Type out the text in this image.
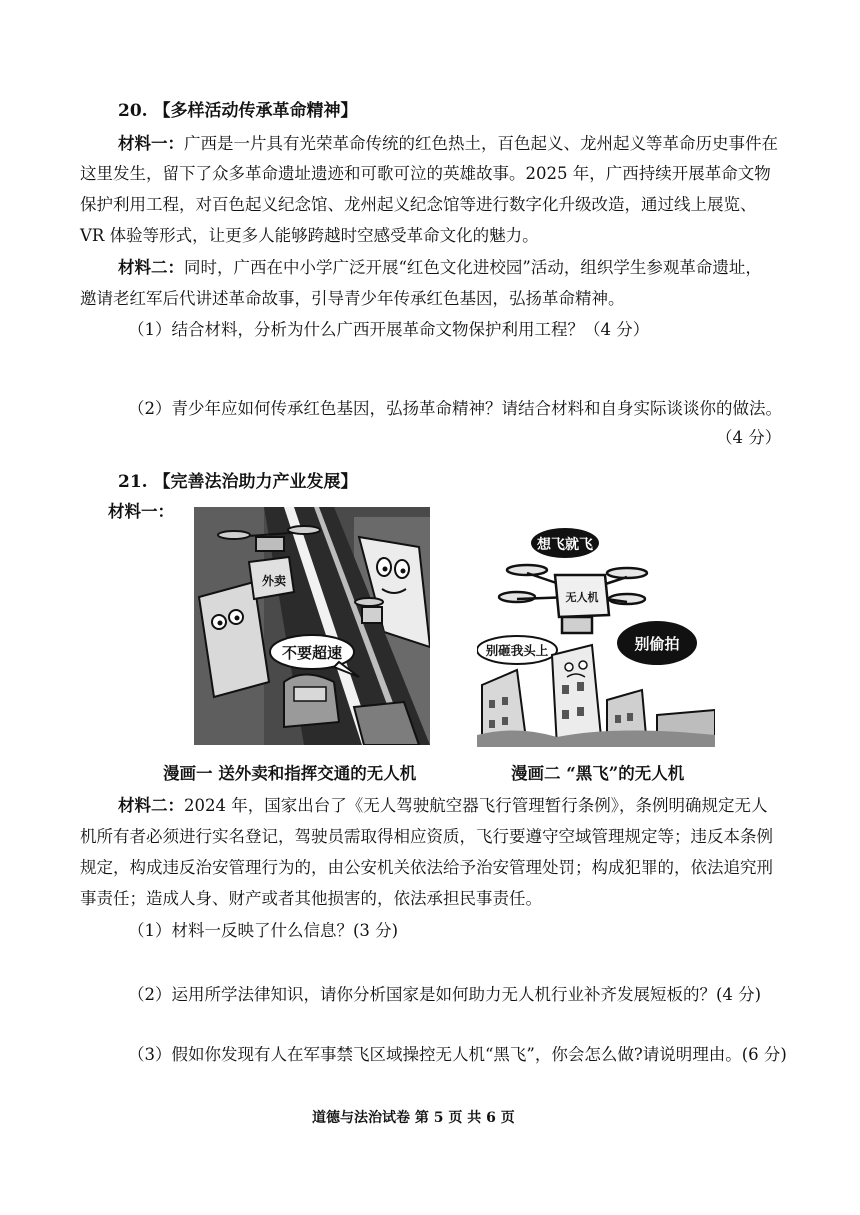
20. 【多样活动传承革命精神】
材料一：广西是一片具有光荣革命传统的红色热土，百色起义、龙州起义等革命历史事件在
这里发生，留下了众多革命遗址遗迹和可歌可泣的英雄故事。2025 年，广西持续开展革命文物
保护利用工程，对百色起义纪念馆、龙州起义纪念馆等进行数字化升级改造，通过线上展览、
VR 体验等形式，让更多人能够跨越时空感受革命文化的魅力。
材料二：同时，广西在中小学广泛开展“红色文化进校园”活动，组织学生参观革命遗址，
邀请老红军后代讲述革命故事，引导青少年传承红色基因，弘扬革命精神。
（1）结合材料，分析为什么广西开展革命文物保护利用工程？（4 分）
（2）青少年应如何传承红色基因，弘扬革命精神？请结合材料和自身实际谈谈你的做法。
（4 分）
21. 【完善法治助力产业发展】
材料一：
外卖
不要超速
想飞就飞
无人机
别砸我头上	别偷拍
漫画一 送外卖和指挥交通的无人机	漫画二 “黑飞”的无人机
材料二：2024 年，国家出台了《无人驾驶航空器飞行管理暂行条例》，条例明确规定无人
机所有者必须进行实名登记，驾驶员需取得相应资质，飞行要遵守空域管理规定等；违反本条例
规定，构成违反治安管理行为的，由公安机关依法给予治安管理处罚；构成犯罪的，依法追究刑
事责任；造成人身、财产或者其他损害的，依法承担民事责任。
（1）材料一反映了什么信息？(3 分)
（2）运用所学法律知识，请你分析国家是如何助力无人机行业补齐发展短板的？(4 分)
（3）假如你发现有人在军事禁飞区域操控无人机“黑飞”，你会怎么做?请说明理由。(6 分)
道德与法治试卷 第 5 页 共 6 页
